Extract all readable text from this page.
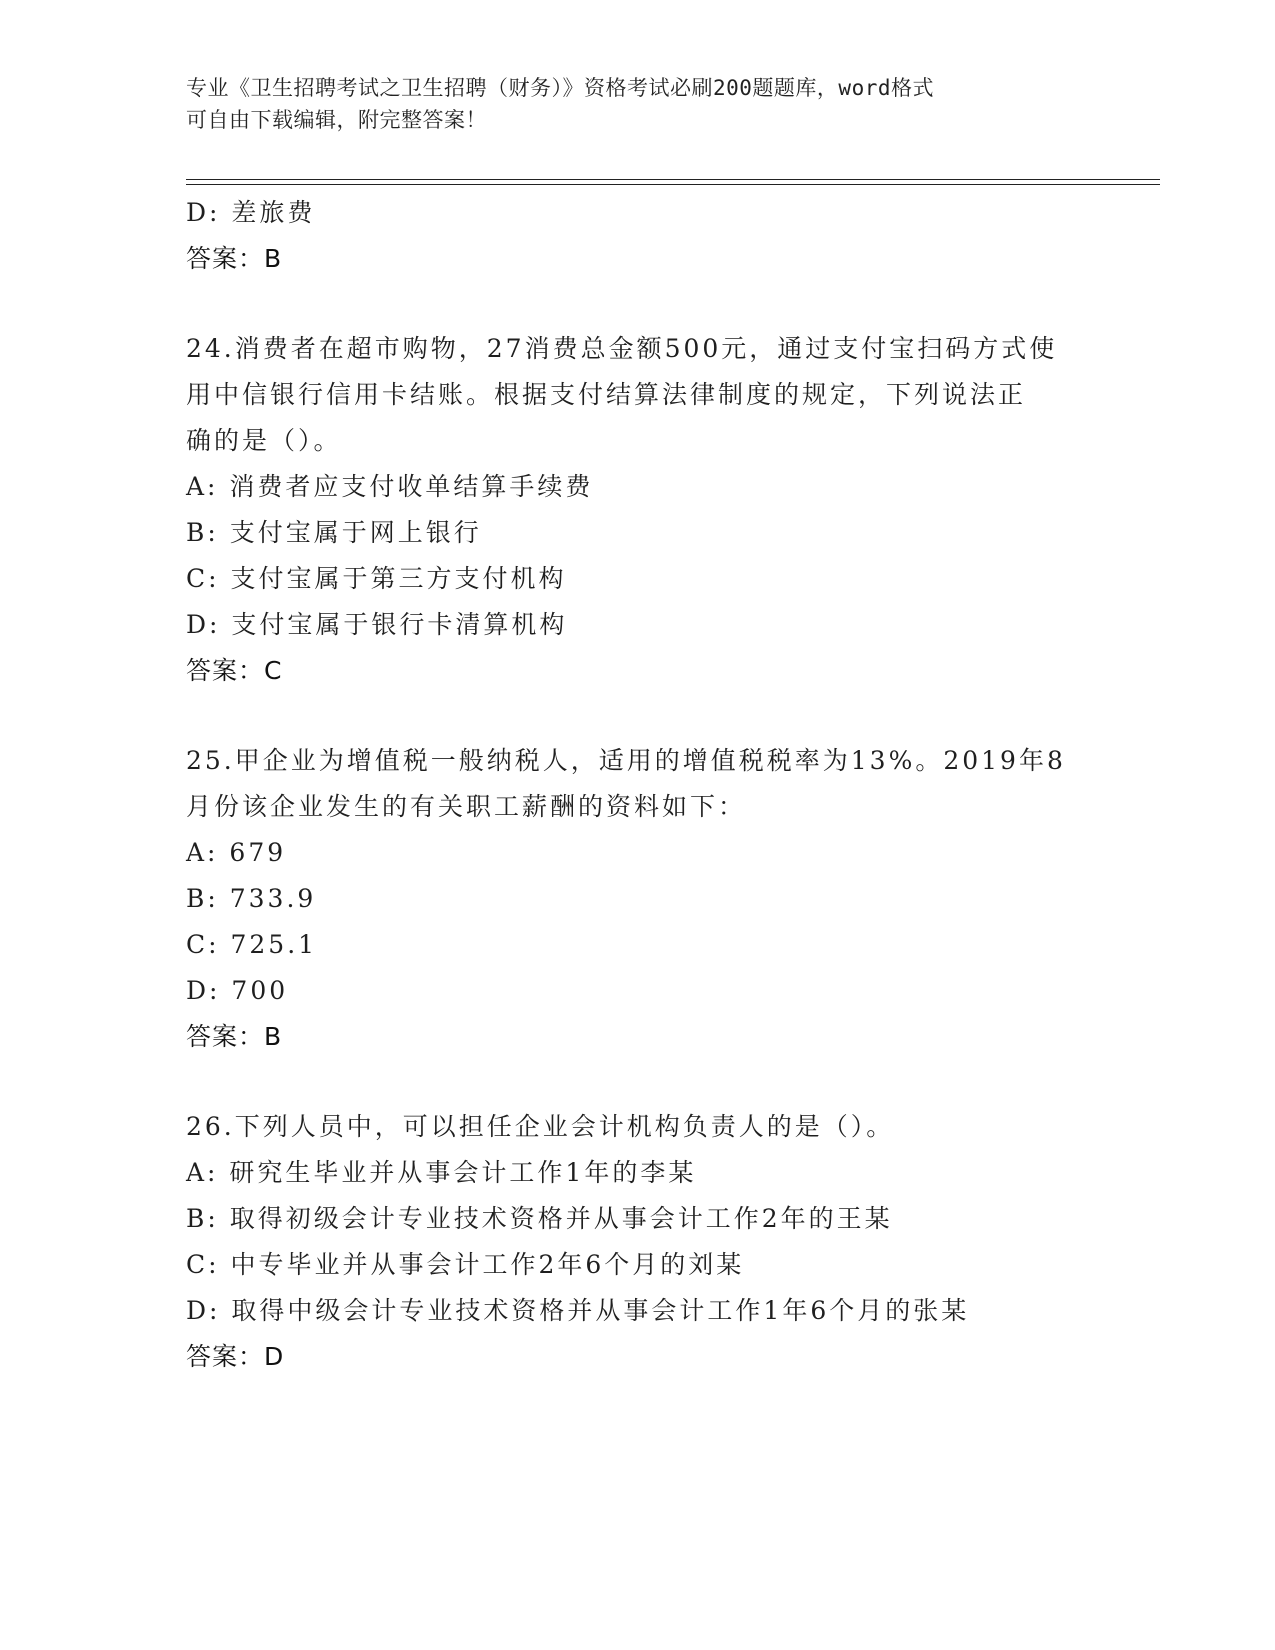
专业《卫生招聘考试之卫生招聘（财务）》资格考试必刷200题题库，word格式
可自由下载编辑，附完整答案！
D: 差旅费
答案：B
24.消费者在超市购物，27消费总金额500元，通过支付宝扫码方式使
用中信银行信用卡结账。根据支付结算法律制度的规定，下列说法正
确的是（）。
A: 消费者应支付收单结算手续费
B: 支付宝属于网上银行
C: 支付宝属于第三方支付机构
D: 支付宝属于银行卡清算机构
答案：C
25.甲企业为增值税一般纳税人，适用的增值税税率为13%。2019年8
月份该企业发生的有关职工薪酬的资料如下：
A: 679
B: 733.9
C: 725.1
D: 700
答案：B
26.下列人员中，可以担任企业会计机构负责人的是（）。
A: 研究生毕业并从事会计工作1年的李某
B: 取得初级会计专业技术资格并从事会计工作2年的王某
C: 中专毕业并从事会计工作2年6个月的刘某
D: 取得中级会计专业技术资格并从事会计工作1年6个月的张某
答案：D
